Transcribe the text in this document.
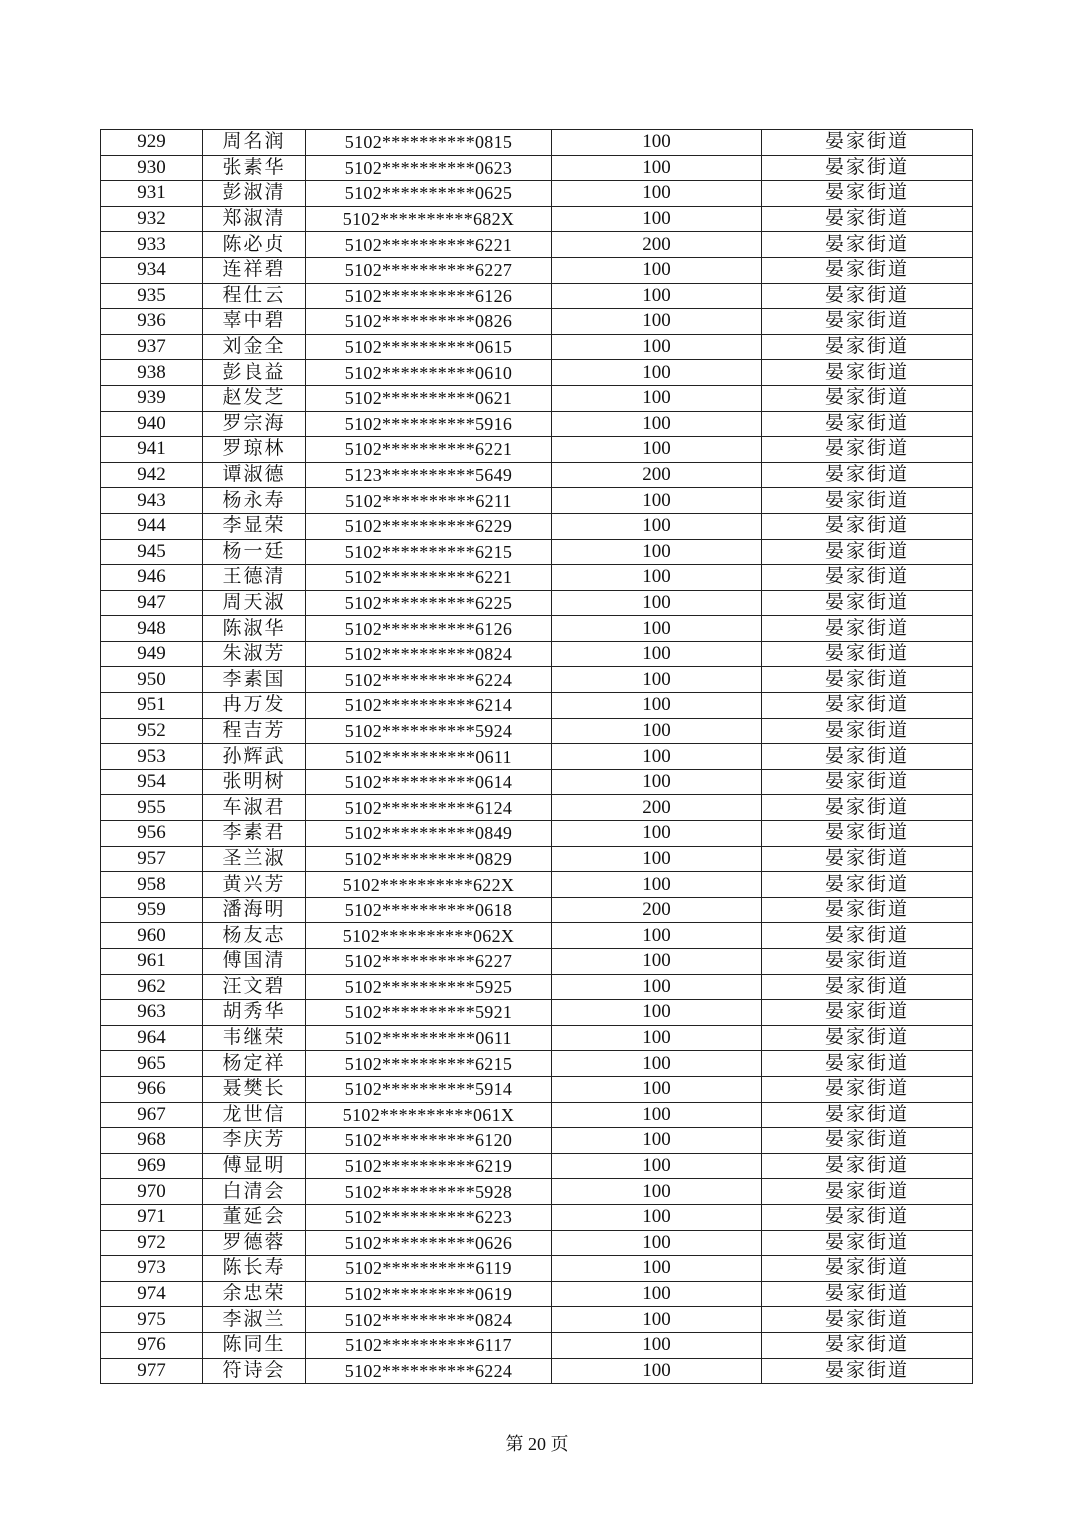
929	周名润	5102**********0815	100	晏家街道
930	张素华	5102**********0623	100	晏家街道
931	彭淑清	5102**********0625	100	晏家街道
932	郑淑清	5102**********682X	100	晏家街道
933	陈必贞	5102**********6221	200	晏家街道
934	连祥碧	5102**********6227	100	晏家街道
935	程仕云	5102**********6126	100	晏家街道
936	辜中碧	5102**********0826	100	晏家街道
937	刘金全	5102**********0615	100	晏家街道
938	彭良益	5102**********0610	100	晏家街道
939	赵发芝	5102**********0621	100	晏家街道
940	罗宗海	5102**********5916	100	晏家街道
941	罗琼林	5102**********6221	100	晏家街道
942	谭淑德	5123**********5649	200	晏家街道
943	杨永寿	5102**********6211	100	晏家街道
944	李显荣	5102**********6229	100	晏家街道
945	杨一廷	5102**********6215	100	晏家街道
946	王德清	5102**********6221	100	晏家街道
947	周天淑	5102**********6225	100	晏家街道
948	陈淑华	5102**********6126	100	晏家街道
949	朱淑芳	5102**********0824	100	晏家街道
950	李素国	5102**********6224	100	晏家街道
951	冉万发	5102**********6214	100	晏家街道
952	程吉芳	5102**********5924	100	晏家街道
953	孙辉武	5102**********0611	100	晏家街道
954	张明树	5102**********0614	100	晏家街道
955	车淑君	5102**********6124	200	晏家街道
956	李素君	5102**********0849	100	晏家街道
957	圣兰淑	5102**********0829	100	晏家街道
958	黄兴芳	5102**********622X	100	晏家街道
959	潘海明	5102**********0618	200	晏家街道
960	杨友志	5102**********062X	100	晏家街道
961	傅国清	5102**********6227	100	晏家街道
962	汪文碧	5102**********5925	100	晏家街道
963	胡秀华	5102**********5921	100	晏家街道
964	韦继荣	5102**********0611	100	晏家街道
965	杨定祥	5102**********6215	100	晏家街道
966	聂樊长	5102**********5914	100	晏家街道
967	龙世信	5102**********061X	100	晏家街道
968	李庆芳	5102**********6120	100	晏家街道
969	傅显明	5102**********6219	100	晏家街道
970	白清会	5102**********5928	100	晏家街道
971	董延会	5102**********6223	100	晏家街道
972	罗德蓉	5102**********0626	100	晏家街道
973	陈长寿	5102**********6119	100	晏家街道
974	余忠荣	5102**********0619	100	晏家街道
975	李淑兰	5102**********0824	100	晏家街道
976	陈同生	5102**********6117	100	晏家街道
977	符诗会	5102**********6224	100	晏家街道
第 20 页
